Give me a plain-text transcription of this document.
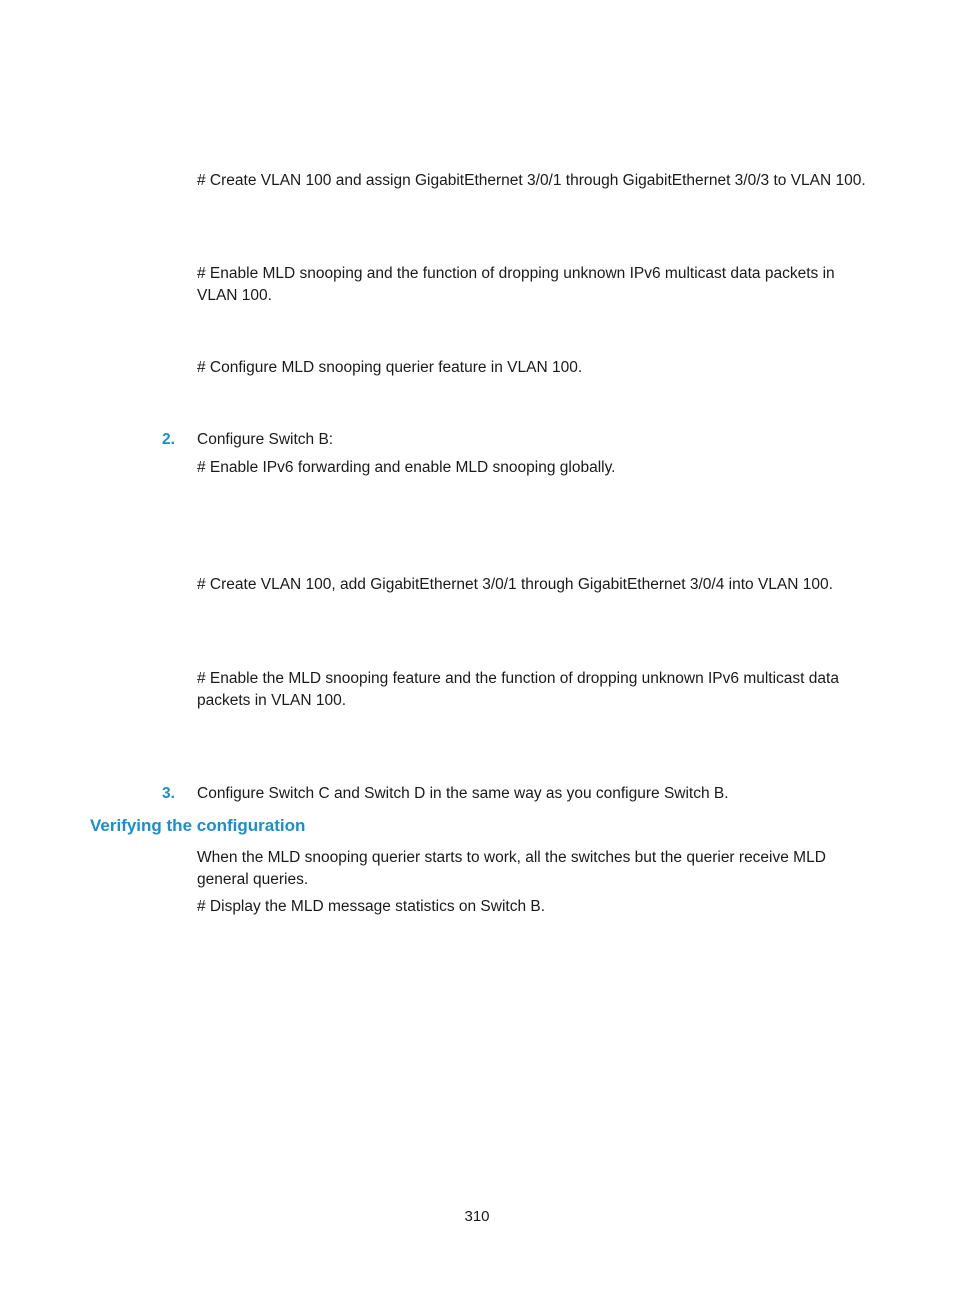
# Create VLAN 100 and assign GigabitEthernet 3/0/1 through GigabitEthernet 3/0/3 to VLAN 100.

# Enable MLD snooping and the function of dropping unknown IPv6 multicast data packets in VLAN 100.

# Configure MLD snooping querier feature in VLAN 100.

2. Configure Switch B:

# Enable IPv6 forwarding and enable MLD snooping globally.

# Create VLAN 100, add GigabitEthernet 3/0/1 through GigabitEthernet 3/0/4 into VLAN 100.

# Enable the MLD snooping feature and the function of dropping unknown IPv6 multicast data packets in VLAN 100.

3. Configure Switch C and Switch D in the same way as you configure Switch B.

Verifying the configuration

When the MLD snooping querier starts to work, all the switches but the querier receive MLD general queries.

# Display the MLD message statistics on Switch B.

310
